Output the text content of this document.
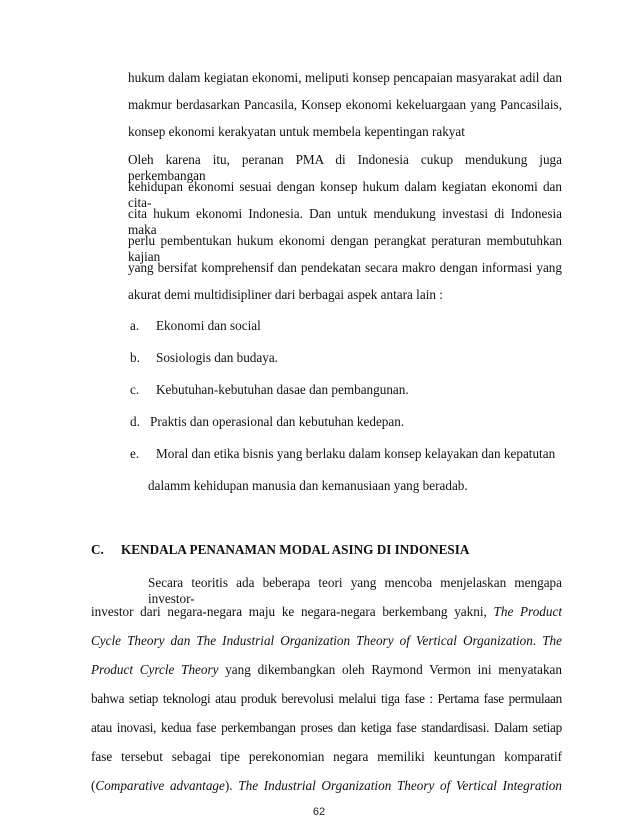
hukum dalam kegiatan ekonomi, meliputi konsep pencapaian masyarakat adil dan
makmur berdasarkan Pancasila, Konsep ekonomi kekeluargaan yang Pancasilais,
konsep ekonomi kerakyatan untuk membela kepentingan rakyat
Oleh karena itu, peranan PMA di Indonesia cukup mendukung juga perkembangan
kehidupan ekonomi sesuai dengan konsep hukum dalam kegiatan ekonomi dan cita-
cita hukum ekonomi Indonesia. Dan untuk mendukung investasi di Indonesia maka
perlu pembentukan hukum ekonomi dengan perangkat peraturan membutuhkan kajian
yang bersifat komprehensif dan pendekatan secara makro dengan informasi yang
akurat demi multidisipliner dari berbagai aspek antara lain :
a. Ekonomi dan social
b. Sosiologis dan budaya.
c. Kebutuhan-kebutuhan dasae dan pembangunan.
d. Praktis dan operasional dan kebutuhan kedepan.
e. Moral dan etika bisnis yang berlaku dalam konsep kelayakan dan kepatutan
dalamm kehidupan manusia dan kemanusiaan yang beradab.
C. KENDALA PENANAMAN MODAL ASING DI INDONESIA
Secara teoritis ada beberapa teori yang mencoba menjelaskan mengapa investor-
investor dari negara-negara maju ke negara-negara berkembang yakni, The Product
Cycle Theory dan The Industrial Organization Theory of Vertical Organization. The
Product Cyrcle Theory yang dikembangkan oleh Raymond Vermon ini menyatakan
bahwa setiap teknologi atau produk berevolusi melalui tiga fase : Pertama fase permulaan
atau inovasi, kedua fase perkembangan proses dan ketiga fase standardisasi. Dalam setiap
fase tersebut sebagai tipe perekonomian negara memiliki keuntungan komparatif
(Comparative advantage). The Industrial Organization Theory of Vertical Integration
62
